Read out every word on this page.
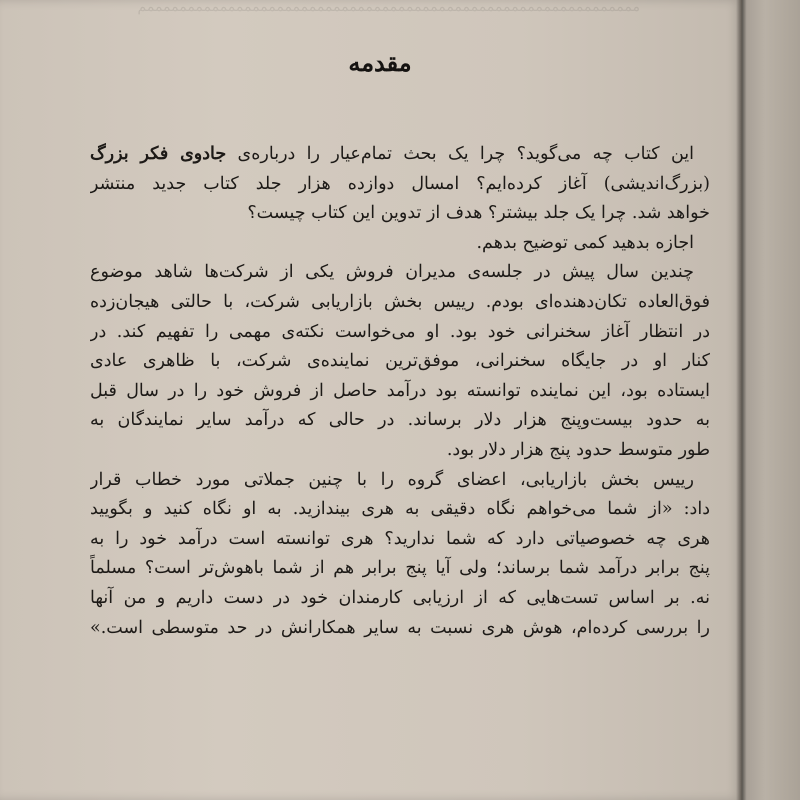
مممممممممممممممممممممممممممممممممممممممممممممممممممممممممممممم
مقدمه
این کتاب چه می‌گوید؟ چرا یک بحث تمام‌عیار را درباره‌ی جادوی فکر بزرگ
(بزرگ‌اندیشی) آغاز کرده‌ایم؟ امسال دوازده هزار جلد کتاب جدید منتشر
خواهد شد. چرا یک جلد بیشتر؟ هدف از تدوین این کتاب چیست؟
اجازه بدهید کمی توضیح بدهم.
چندین سال پیش در جلسه‌ی مدیران فروش یکی از شرکت‌ها شاهد موضوع
فوق‌العاده تکان‌دهنده‌ای بودم. رییس بخش بازاریابی شرکت، با حالتی هیجان‌زده
در انتظار آغاز سخنرانی خود بود. او می‌خواست نکته‌ی مهمی را تفهیم کند. در
کنار او در جایگاه سخنرانی، موفق‌ترین نماینده‌ی شرکت، با ظاهری عادی
ایستاده بود، این نماینده توانسته بود درآمد حاصل از فروش خود را در سال قبل
به حدود بیست‌وپنج هزار دلار برساند. در حالی که درآمد سایر نمایندگان به
طور متوسط حدود پنج هزار دلار بود.
رییس بخش بازاریابی، اعضای گروه را با چنین جملاتی مورد خطاب قرار
داد: «از شما می‌خواهم نگاه دقیقی به هری بیندازید. به او نگاه کنید و بگویید
هری چه خصوصیاتی دارد که شما ندارید؟ هری توانسته است درآمد خود را به
پنج برابر درآمد شما برساند؛ ولی آیا پنج برابر هم از شما باهوش‌تر است؟ مسلماً
نه. بر اساس تست‌هایی که از ارزیابی کارمندان خود در دست داریم و من آنها
را بررسی کرده‌ام، هوش هری نسبت به سایر همکارانش در حد متوسطی است.»
